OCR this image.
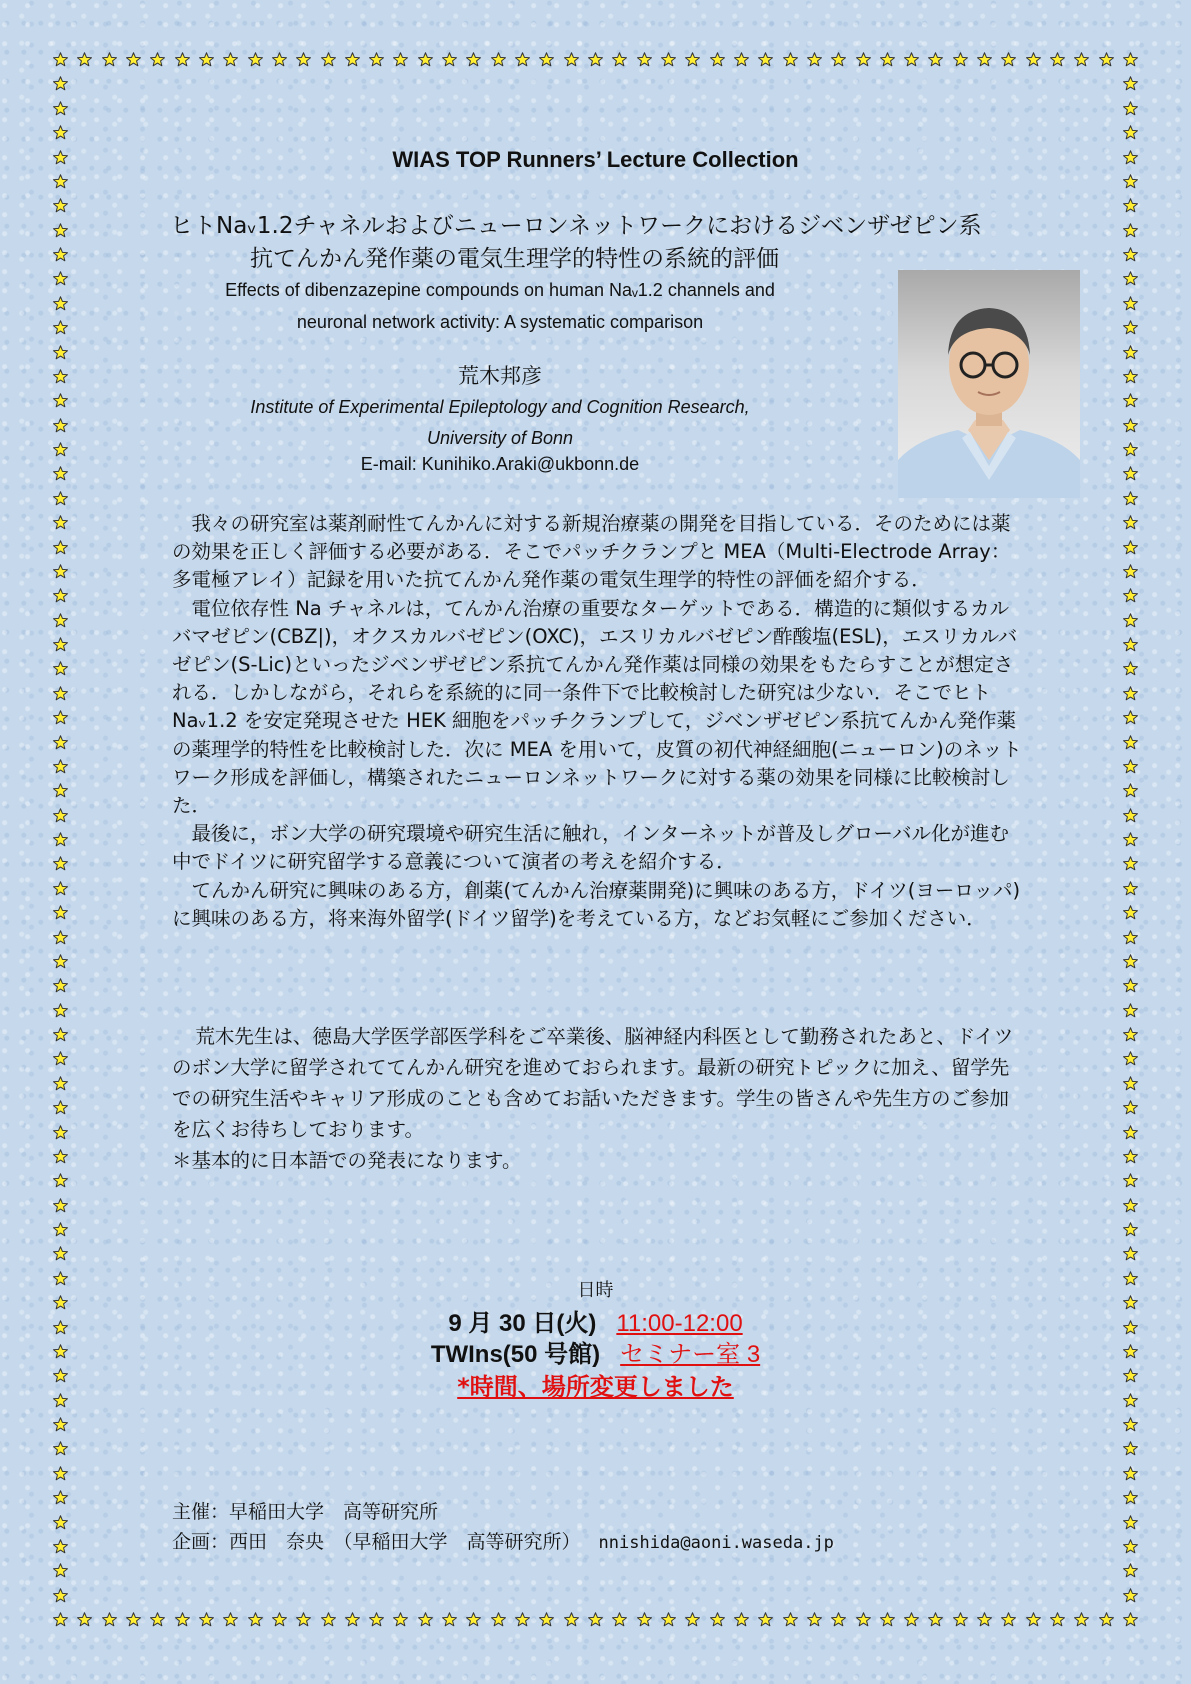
WIAS TOP Runners’ Lecture Collection
ヒトNaᵥ1.2チャネルおよびニューロンネットワークにおけるジベンザゼピン系
抗てんかん発作薬の電気生理学的特性の系統的評価
Effects of dibenzazepine compounds on human Naᵥ1.2 channels and
neuronal network activity: A systematic comparison
荒木邦彦
Institute of Experimental Epileptology and Cognition Research,
University of Bonn
E-mail: Kunihiko.Araki@ukbonn.de

我々の研究室は薬剤耐性てんかんに対する新規治療薬の開発を目指している．そのためには薬の効果を正しく評価する必要がある．そこでパッチクランプと MEA（Multi-Electrode Array：多電極アレイ）記録を用いた抗てんかん発作薬の電気生理学的特性の評価を紹介する．

電位依存性 Na チャネルは，てんかん治療の重要なターゲットである．構造的に類似するカルバマゼピン(CBZ|)，オクスカルバゼピン(OXC)，エスリカルバゼピン酢酸塩(ESL)，エスリカルバゼピン(S-Lic)といったジベンザゼピン系抗てんかん発作薬は同様の効果をもたらすことが想定される．しかしながら，それらを系統的に同一条件下で比較検討した研究は少ない．そこでヒト Naᵥ1.2 を安定発現させた HEK 細胞をパッチクランプして，ジベンザゼピン系抗てんかん発作薬の薬理学的特性を比較検討した．次に MEA を用いて，皮質の初代神経細胞(ニューロン)のネットワーク形成を評価し，構築されたニューロンネットワークに対する薬の効果を同様に比較検討した．

最後に，ボン大学の研究環境や研究生活に触れ，インターネットが普及しグローバル化が進む中でドイツに研究留学する意義について演者の考えを紹介する．

てんかん研究に興味のある方，創薬(てんかん治療薬開発)に興味のある方，ドイツ(ヨーロッパ)に興味のある方，将来海外留学(ドイツ留学)を考えている方，などお気軽にご参加ください．

荒木先生は、徳島大学医学部医学科をご卒業後、脳神経内科医として勤務されたあと、ドイツのボン大学に留学されててんかん研究を進めておられます。最新の研究トピックに加え、留学先での研究生活やキャリア形成のことも含めてお話いただきます。学生の皆さんや先生方のご参加を広くお待ちしております。

＊基本的に日本語での発表になります。

日時
9 月 30 日(火) 11:00-12:00
TWIns(50 号館) セミナー室 3
*時間、場所変更しました
主催：早稲田大学　高等研究所
企画：西田　奈央　（早稲田大学　高等研究所） nnishida@aoni.waseda.jp
